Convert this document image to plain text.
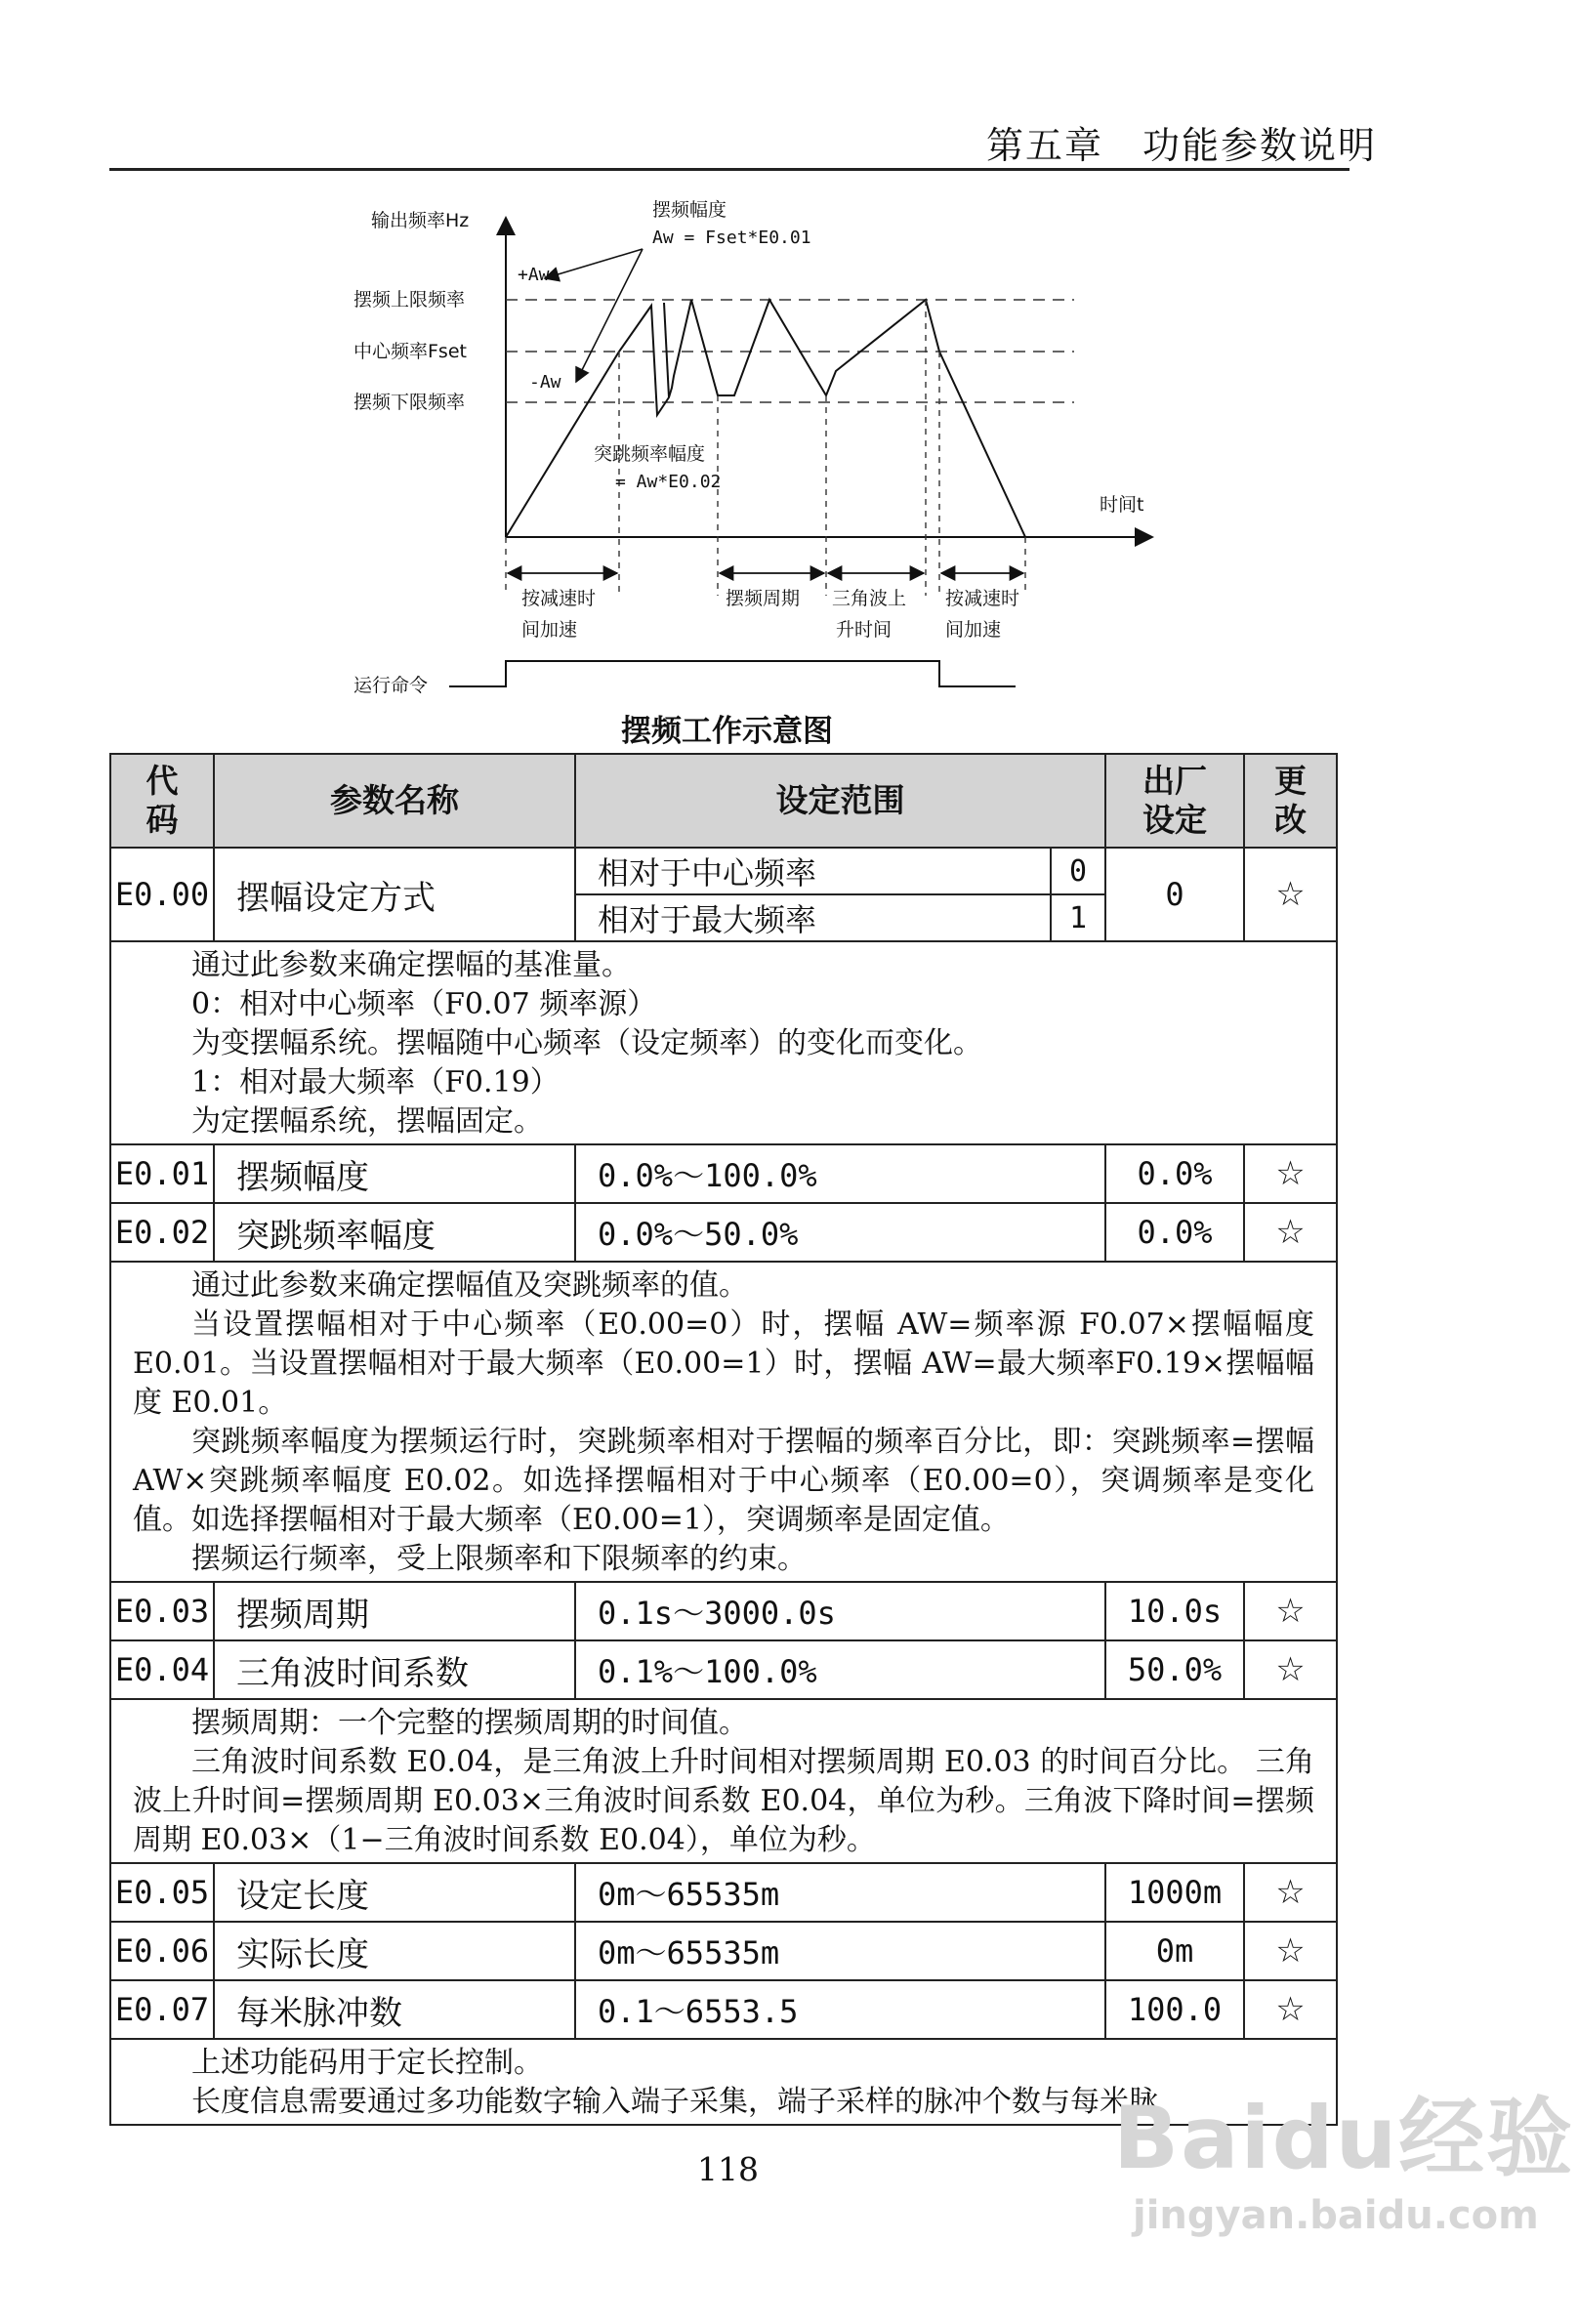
第五章　功能参数说明
输出频率Hz
摆频上限频率
中心频率Fset
摆频下限频率
时间t
摆频幅度
Aw = Fset*E0.01
+Aw
-Aw
突跳频率幅度
= Aw*E0.02
按减速时
间加速
摆频周期 三角波上
升时间
按减速时
间加速
运行命令
摆频工作示意图
代码	参数名称	设定范围		出厂设定	更改
E0.00	摆幅设定方式	相对于中心频率	0	0	☆
		相对于最大频率	1		

通过此参数来确定摆幅的基准量。

0：相对中心频率（F0.07 频率源）

为变摆幅系统。摆幅随中心频率（设定频率）的变化而变化。

1：相对最大频率（F0.19）

为定摆幅系统，摆幅固定。					

E0.01	摆频幅度	0.0%～100.0%		0.0%	☆
E0.02	突跳频率幅度	0.0%～50.0%		0.0%	☆

通过此参数来确定摆幅值及突跳频率的值。

当设置摆幅相对于中心频率（E0.00=0）时，摆幅 AW=频率源 F0.07×摆幅幅度 E0.01。当设置摆幅相对于最大频率（E0.00=1）时，摆幅 AW=最大频率F0.19×摆幅幅度 E0.01。

突跳频率幅度为摆频运行时，突跳频率相对于摆幅的频率百分比，即：突跳频率=摆幅 AW×突跳频率幅度 E0.02。如选择摆幅相对于中心频率（E0.00=0），突调频率是变化值。如选择摆幅相对于最大频率（E0.00=1），突调频率是固定值。

摆频运行频率，受上限频率和下限频率的约束。					

E0.03	摆频周期	0.1s～3000.0s		10.0s	☆
E0.04	三角波时间系数	0.1%～100.0%		50.0%	☆

摆频周期：一个完整的摆频周期的时间值。

三角波时间系数 E0.04，是三角波上升时间相对摆频周期 E0.03 的时间百分比。 三角波上升时间=摆频周期 E0.03×三角波时间系数 E0.04，单位为秒。三角波下降时间=摆频周期 E0.03×（1−三角波时间系数 E0.04），单位为秒。					

E0.05	设定长度	0m～65535m		1000m	☆
E0.06	实际长度	0m～65535m		0m	☆
E0.07	每米脉冲数	0.1～6553.5		100.0	☆

上述功能码用于定长控制。

长度信息需要通过多功能数字输入端子采集，端子采样的脉冲个数与每米脉					

118	Baidu经验
jingyan.baidu.com
